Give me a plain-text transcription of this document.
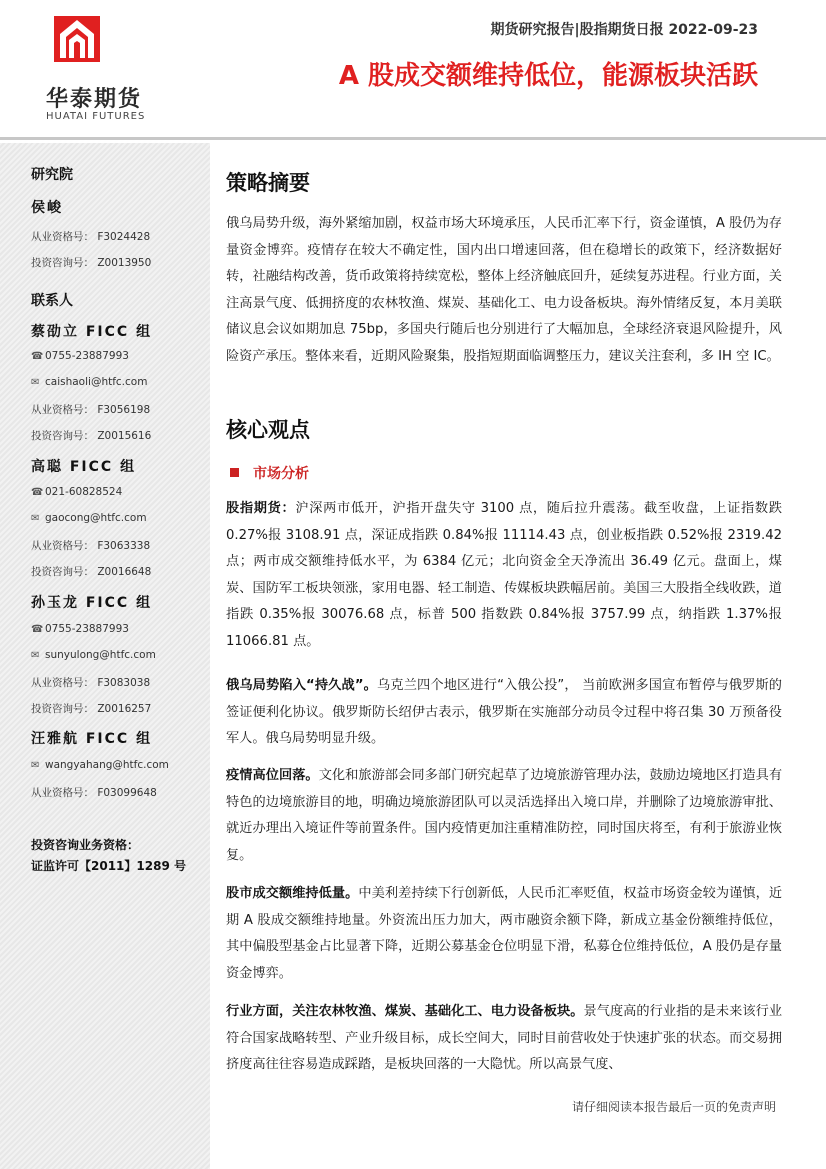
华泰期货
HUATAI FUTURES
期货研究报告|股指期货日报 2022-09-23
A 股成交额维持低位，能源板块活跃
研究院
侯峻
从业资格号： F3024428
投资咨询号： Z0013950
联系人
蔡劭立 FICC 组
☎ 0755-23887993
✉ caishaoli@htfc.com
从业资格号： F3056198
投资咨询号： Z0015616
高聪 FICC 组
☎ 021-60828524
✉ gaocong@htfc.com
从业资格号： F3063338
投资咨询号： Z0016648
孙玉龙 FICC 组
☎ 0755-23887993
✉ sunyulong@htfc.com
从业资格号： F3083038
投资咨询号： Z0016257
汪雅航 FICC 组
✉ wangyahang@htfc.com
从业资格号： F03099648
投资咨询业务资格：
证监许可【2011】1289 号
策略摘要
俄乌局势升级，海外紧缩加剧，权益市场大环境承压，人民币汇率下行，资金谨慎，A 股仍为存量资金博弈。疫情存在较大不确定性，国内出口增速回落，但在稳增长的政策下，经济数据好转，社融结构改善，货币政策将持续宽松，整体上经济触底回升，延续复苏进程。行业方面，关注高景气度、低拥挤度的农林牧渔、煤炭、基础化工、电力设备板块。海外情绪反复，本月美联储议息会议如期加息 75bp，多国央行随后也分别进行了大幅加息，全球经济衰退风险提升，风险资产承压。整体来看，近期风险聚集，股指短期面临调整压力，建议关注套利，多 IH 空 IC。
核心观点
市场分析
股指期货：沪深两市低开，沪指开盘失守 3100 点，随后拉升震荡。截至收盘，上证指数跌 0.27%报 3108.91 点，深证成指跌 0.84%报 11114.43 点，创业板指跌 0.52%报 2319.42 点；两市成交额维持低水平，为 6384 亿元；北向资金全天净流出 36.49 亿元。盘面上，煤炭、国防军工板块领涨，家用电器、轻工制造、传媒板块跌幅居前。美国三大股指全线收跌，道指跌 0.35%报 30076.68 点，标普 500 指数跌 0.84%报 3757.99 点，纳指跌 1.37%报 11066.81 点。
俄乌局势陷入“持久战”。乌克兰四个地区进行“入俄公投”， 当前欧洲多国宣布暂停与俄罗斯的签证便利化协议。俄罗斯防长绍伊古表示，俄罗斯在实施部分动员令过程中将召集 30 万预备役军人。俄乌局势明显升级。
疫情高位回落。文化和旅游部会同多部门研究起草了边境旅游管理办法，鼓励边境地区打造具有特色的边境旅游目的地，明确边境旅游团队可以灵活选择出入境口岸，并删除了边境旅游审批、就近办理出入境证件等前置条件。国内疫情更加注重精准防控，同时国庆将至，有利于旅游业恢复。
股市成交额维持低量。中美利差持续下行创新低，人民币汇率贬值，权益市场资金较为谨慎，近期 A 股成交额维持地量。外资流出压力加大，两市融资余额下降，新成立基金份额维持低位，其中偏股型基金占比显著下降，近期公募基金仓位明显下滑，私募仓位维持低位，A 股仍是存量资金博弈。
行业方面，关注农林牧渔、煤炭、基础化工、电力设备板块。景气度高的行业指的是未来该行业符合国家战略转型、产业升级目标，成长空间大，同时目前营收处于快速扩张的状态。而交易拥挤度高往往容易造成踩踏，是板块回落的一大隐忧。所以高景气度、
请仔细阅读本报告最后一页的免责声明
